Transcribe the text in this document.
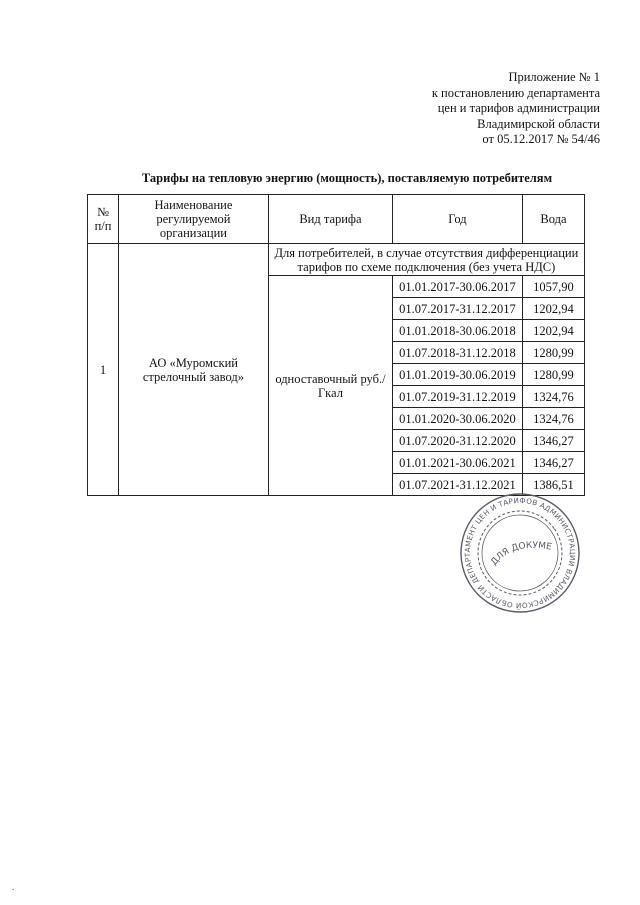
Приложение № 1
к постановлению департамента
цен и тарифов администрации
Владимирской области
от 05.12.2017 № 54/46
Тарифы на тепловую энергию (мощность), поставляемую потребителям
№ п/п	Наименование регулируемой организации	Вид тарифа	Год	Вода
1	АО «Муромский стрелочный завод»	Для потребителей, в случае отсутствия дифференциации тарифов по схеме подключения (без учета НДС)		
		одноставочный руб./Гкал	01.01.2017-30.06.2017	1057,90
			01.07.2017-31.12.2017	1202,94
			01.01.2018-30.06.2018	1202,94
			01.07.2018-31.12.2018	1280,99
			01.01.2019-30.06.2019	1280,99
			01.07.2019-31.12.2019	1324,76
			01.01.2020-30.06.2020	1324,76
			01.07.2020-31.12.2020	1346,27
			01.01.2021-30.06.2021	1346,27
			01.07.2021-31.12.2021	1386,51
ДЕПАРТАМЕНТ ЦЕН И ТАРИФОВ АДМИНИСТРАЦИИ ВЛАДИМИРСКОЙ ОБЛАСТИ
ДЛЯ ДОКУМЕНТОВ
.
